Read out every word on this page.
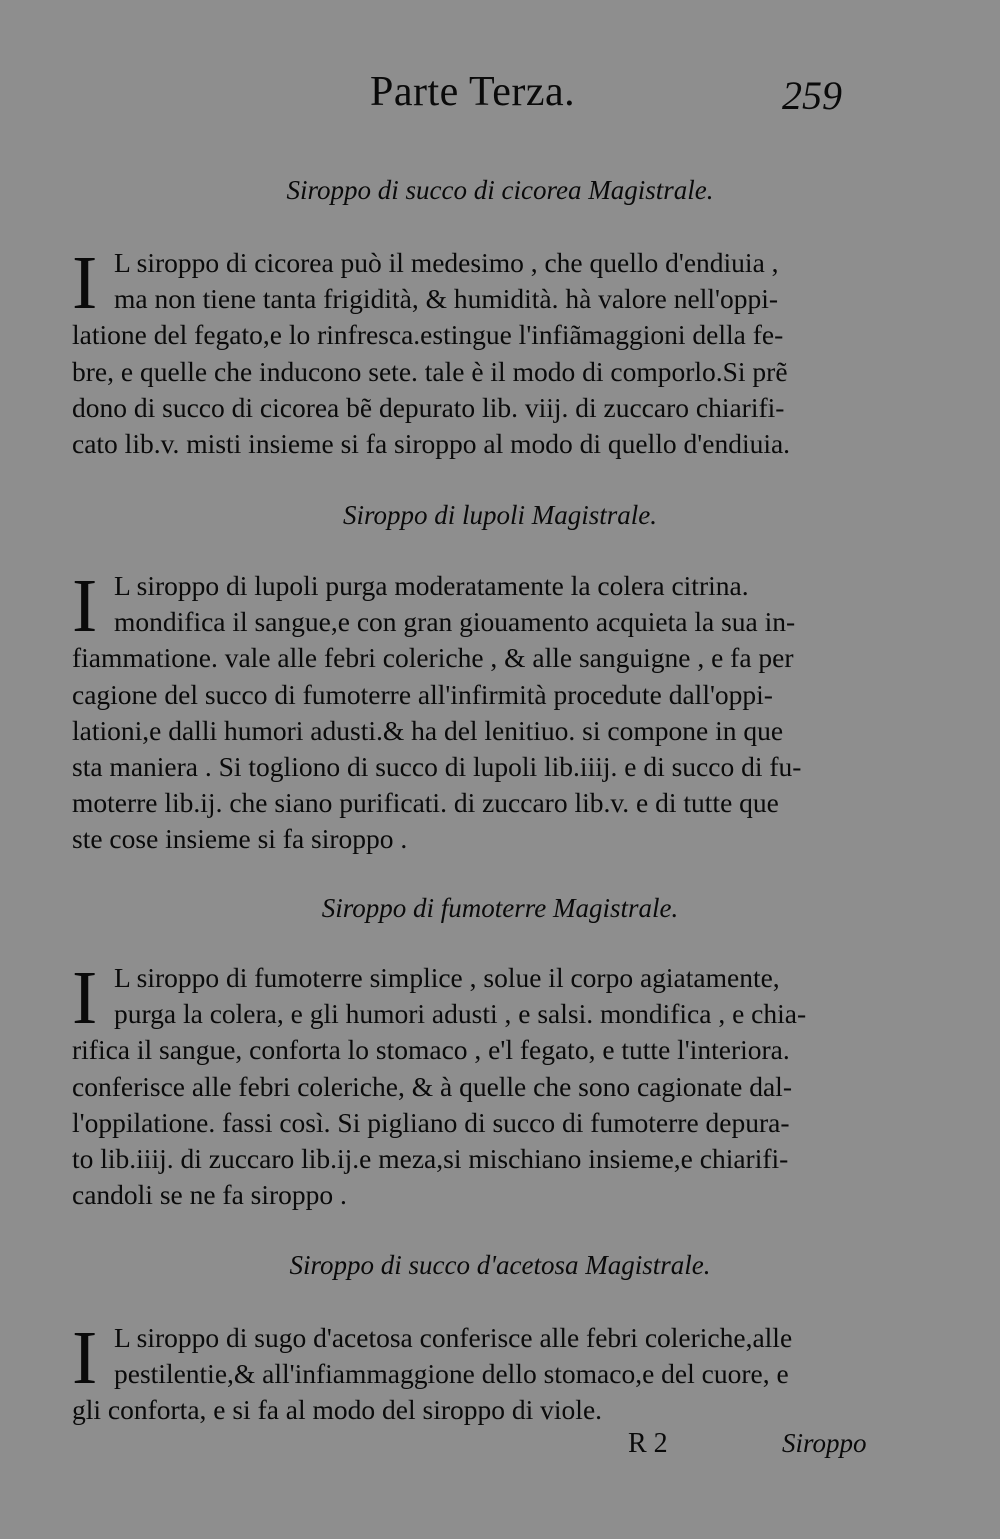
Parte Terza.	259
Siroppo di succo di cicorea Magistrale.
I L siroppo di cicorea può il medesimo , che quello d'endiuia ,
ma non tiene tanta frigidità, & humidità. hà valore nell'oppi-
latione del fegato,e lo rinfresca.estingue l'infiãmaggioni della fe-
bre, e quelle che inducono sete. tale è il modo di comporlo.Si prẽ
dono di succo di cicorea bẽ depurato lib. viij. di zuccaro chiarifi-
cato lib.v. misti insieme si fa siroppo al modo di quello d'endiuia.
Siroppo di lupoli Magistrale.
I L siroppo di lupoli purga moderatamente la colera citrina.
mondifica il sangue,e con gran giouamento acquieta la sua in-
fiammatione. vale alle febri coleriche , & alle sanguigne , e fa per
cagione del succo di fumoterre all'infirmità procedute dall'oppi-
lationi,e dalli humori adusti.& ha del lenitiuo. si compone in que
sta maniera . Si togliono di succo di lupoli lib.iiij. e di succo di fu-
moterre lib.ij. che siano purificati. di zuccaro lib.v. e di tutte que
ste cose insieme si fa siroppo .
Siroppo di fumoterre Magistrale.
I L siroppo di fumoterre simplice , solue il corpo agiatamente,
purga la colera, e gli humori adusti , e salsi. mondifica , e chia-
rifica il sangue, conforta lo stomaco , e'l fegato, e tutte l'interiora.
conferisce alle febri coleriche, & à quelle che sono cagionate dal-
l'oppilatione. fassi così. Si pigliano di succo di fumoterre depura-
to lib.iiij. di zuccaro lib.ij.e meza,si mischiano insieme,e chiarifi-
candoli se ne fa siroppo .
Siroppo di succo d'acetosa Magistrale.
I L siroppo di sugo d'acetosa conferisce alle febri coleriche,alle
pestilentie,& all'infiammaggione dello stomaco,e del cuore, e
gli conforta, e si fa al modo del siroppo di viole.
R 2	Siroppo
